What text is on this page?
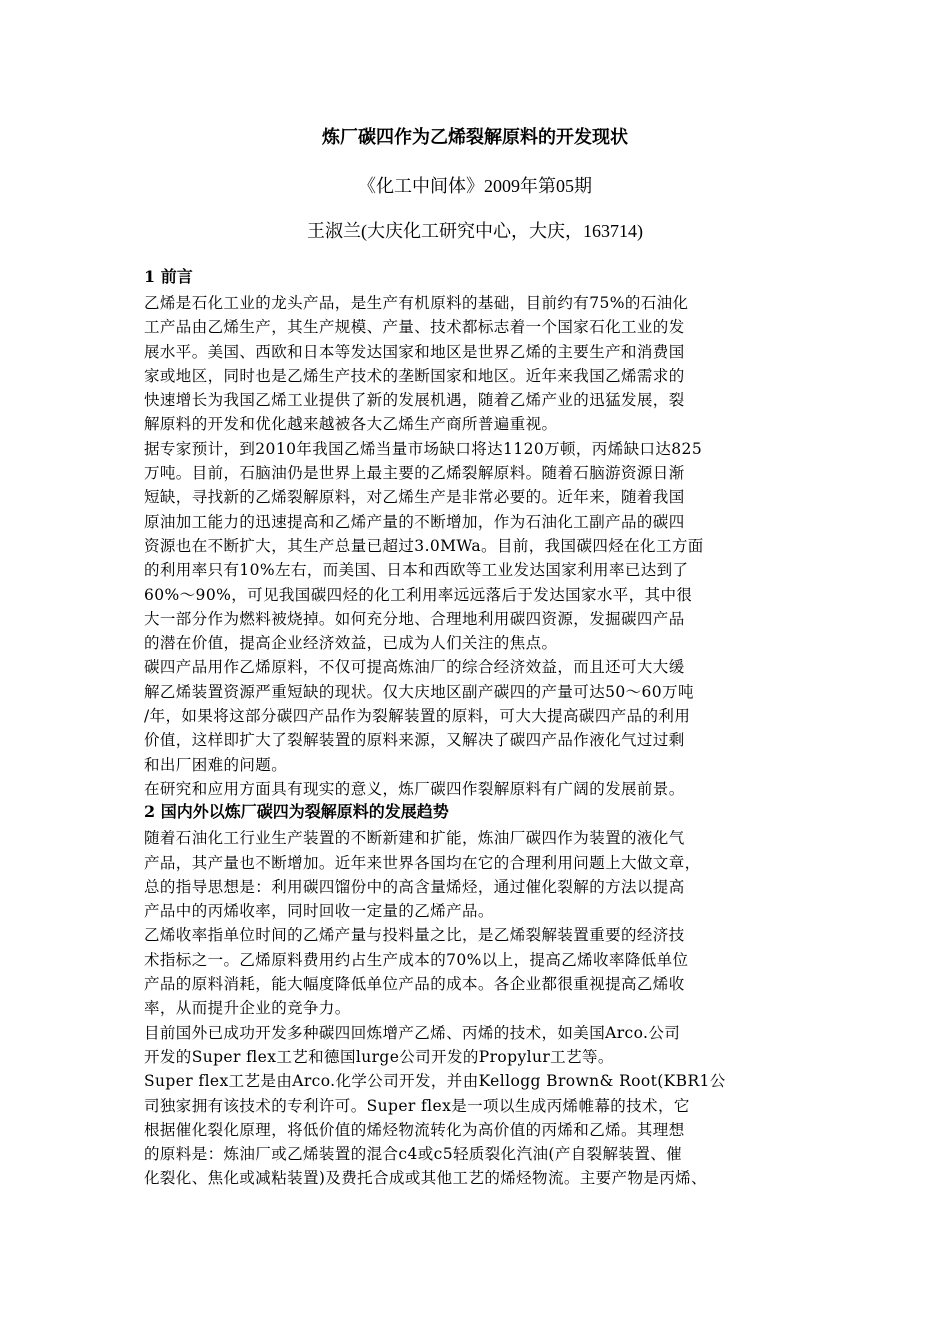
炼厂碳四作为乙烯裂解原料的开发现状
《化工中间体》2009年第05期
王淑兰(大庆化工研究中心，大庆，163714)
1 前言
乙烯是石化工业的龙头产品，是生产有机原料的基础，目前约有75%的石油化
工产品由乙烯生产，其生产规模、产量、技术都标志着一个国家石化工业的发
展水平。美国、西欧和日本等发达国家和地区是世界乙烯的主要生产和消费国
家或地区，同时也是乙烯生产技术的垄断国家和地区。近年来我国乙烯需求的
快速增长为我国乙烯工业提供了新的发展机遇，随着乙烯产业的迅猛发展，裂
解原料的开发和优化越来越被各大乙烯生产商所普遍重视。
据专家预计，到2010年我国乙烯当量市场缺口将达1120万顿，丙烯缺口达825
万吨。目前，石脑油仍是世界上最主要的乙烯裂解原料。随着石脑游资源日渐
短缺，寻找新的乙烯裂解原料，对乙烯生产是非常必要的。近年来，随着我国
原油加工能力的迅速提高和乙烯产量的不断增加，作为石油化工副产品的碳四
资源也在不断扩大，其生产总量已超过3.0MWa。目前，我国碳四烃在化工方面
的利用率只有10%左右，而美国、日本和西欧等工业发达国家利用率已达到了
60%～90%，可见我国碳四烃的化工利用率远远落后于发达国家水平，其中很
大一部分作为燃料被烧掉。如何充分地、合理地利用碳四资源，发掘碳四产品
的潜在价值，提高企业经济效益，已成为人们关注的焦点。
碳四产品用作乙烯原料，不仅可提高炼油厂的综合经济效益，而且还可大大缓
解乙烯装置资源严重短缺的现状。仅大庆地区副产碳四的产量可达50～60万吨
/年，如果将这部分碳四产品作为裂解装置的原料，可大大提高碳四产品的利用
价值，这样即扩大了裂解装置的原料来源，又解决了碳四产品作液化气过过剩
和出厂困难的问题。
在研究和应用方面具有现实的意义，炼厂碳四作裂解原料有广阔的发展前景。
2 国内外以炼厂碳四为裂解原料的发展趋势
随着石油化工行业生产装置的不断新建和扩能，炼油厂碳四作为装置的液化气
产品，其产量也不断增加。近年来世界各国均在它的合理利用问题上大做文章，
总的指导思想是：利用碳四馏份中的高含量烯烃，通过催化裂解的方法以提高
产品中的丙烯收率，同时回收一定量的乙烯产品。
乙烯收率指单位时间的乙烯产量与投料量之比，是乙烯裂解装置重要的经济技
术指标之一。乙烯原料费用约占生产成本的70%以上，提高乙烯收率降低单位
产品的原料消耗，能大幅度降低单位产品的成本。各企业都很重视提高乙烯收
率，从而提升企业的竞争力。
目前国外已成功开发多种碳四回炼增产乙烯、丙烯的技术，如美国Arco.公司
开发的Super flex工艺和德国lurge公司开发的Propylur工艺等。
Super flex工艺是由Arco.化学公司开发，并由Kellogg Brown& Root(KBR1公
司独家拥有该技术的专利许可。Super flex是一项以生成丙烯帷幕的技术，它
根据催化裂化原理，将低价值的烯烃物流转化为高价值的丙烯和乙烯。其理想
的原料是：炼油厂或乙烯装置的混合c4或c5轻质裂化汽油(产自裂解装置、催
化裂化、焦化或减粘装置)及费托合成或其他工艺的烯烃物流。主要产物是丙烯、
